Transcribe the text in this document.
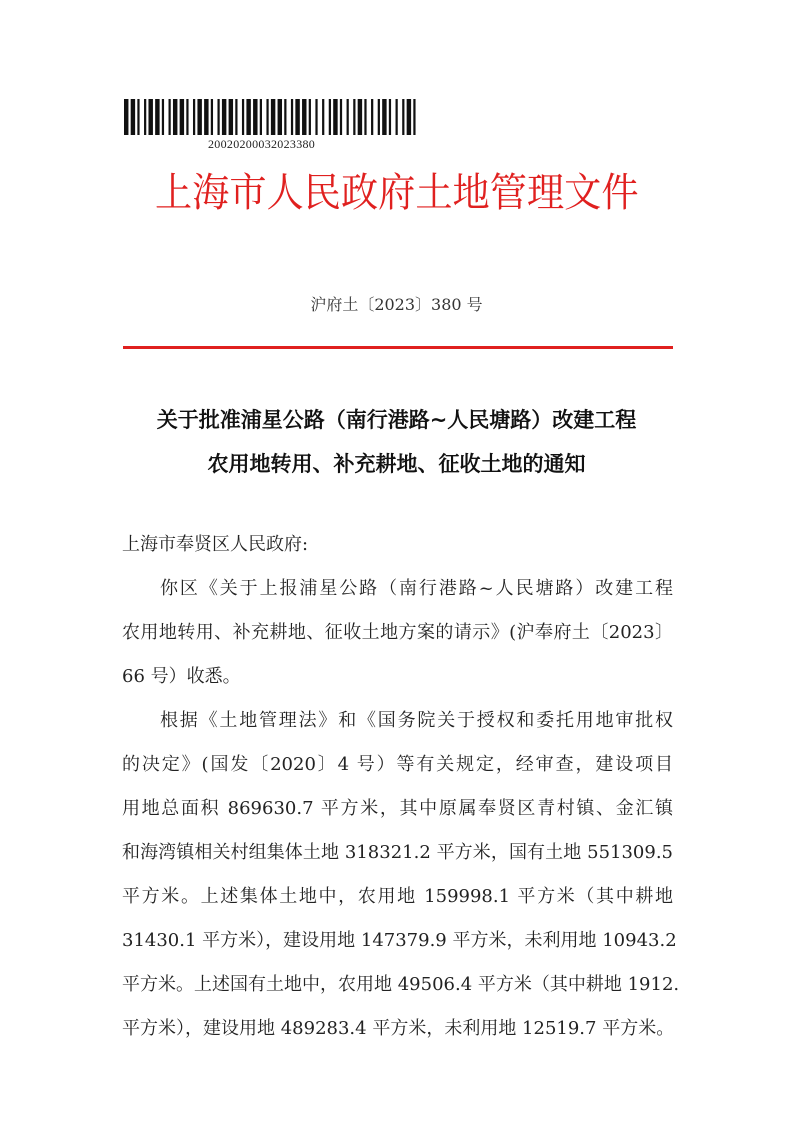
20020200032023380
上海市人民政府土地管理文件
沪府土〔2023〕380 号
关于批准浦星公路（南行港路~人民塘路）改建工程
农用地转用、补充耕地、征收土地的通知
上海市奉贤区人民政府:
你区《关于上报浦星公路（南行港路~人民塘路）改建工程
农用地转用、补充耕地、征收土地方案的请示》(沪奉府土〔2023〕
66 号）收悉。
根据《土地管理法》和《国务院关于授权和委托用地审批权
的决定》(国发〔2020〕4 号）等有关规定，经审查，建设项目
用地总面积 869630.7 平方米，其中原属奉贤区青村镇、金汇镇
和海湾镇相关村组集体土地 318321.2 平方米，国有土地 551309.5
平方米。上述集体土地中，农用地 159998.1 平方米（其中耕地
31430.1 平方米），建设用地 147379.9 平方米，未利用地 10943.2
平方米。上述国有土地中，农用地 49506.4 平方米（其中耕地 1912.
平方米），建设用地 489283.4 平方米，未利用地 12519.7 平方米。
